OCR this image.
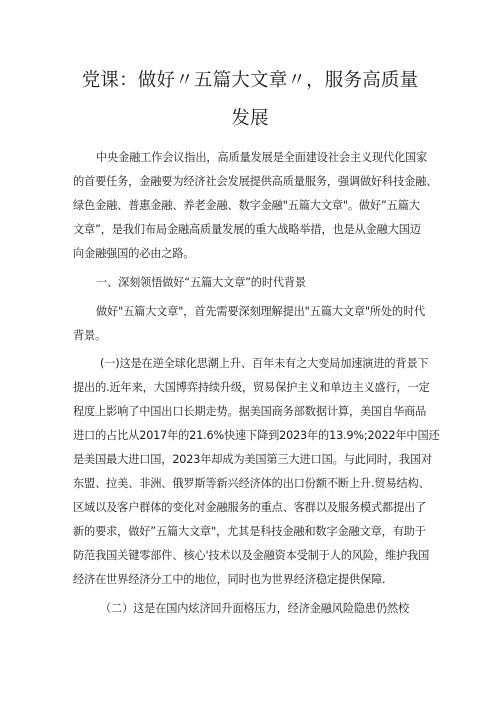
党课：做好〃五篇大文章〃，服务高质量
发展
中央金融工作会议指出，高质量发展是全面建设社会主义现代化国家
的首要任务，金融要为经济社会发展提供高质量服务，强调做好科技金融、
绿色金融、普惠金融、养老金融、数字金融"五篇大文章"。做好”五篇大
文章”，是我们布局金融高质量发展的重大战略举措，也是从金融大国迈
向金融强国的必由之路。
一、深刻领悟做好“五篇大文章”的时代背景
做好"五篇大文章"，首先需要深刻理解提出"五篇大文章"所处的时代
背景。
(一)这是在逆全球化思潮上升、百年未有之大变局加速演进的背景下
提出的.近年来，大国博弈持续升级，贸易保护主义和单边主义盛行，一定
程度上影响了中国出口长期走势。据美国商务部数据计算，美国自华商品
进口的占比从2017年的21.6%快速下降到2023年的13.9%;2022年中国还
是美国最大进口国，2023年却成为美国第三大进口国。与此同时，我国对
东盟、拉美、非洲、俄罗斯等新兴经济体的出口份额不断上升.贸易结构、
区域以及客户群体的变化对金融服务的重点、客群以及服务模式都提出了
新的要求，做好”五篇大文章"，尤其是科技金融和数字金融文章，有助于
防范我国关键零部件、核心'技术以及金融资本受制于人的风险，维护我国
经济在世界经济分工中的地位，同时也为世界经济稳定提供保障.
（二）这是在国内炫济回升面格压力，经济金融风险隐患仍然校
